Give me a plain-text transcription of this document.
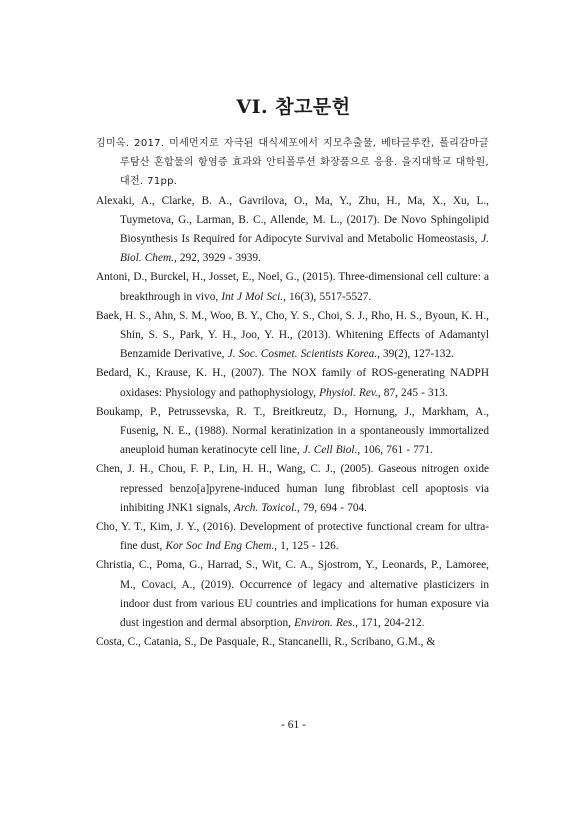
VI. 참고문헌

김미옥. 2017. 미세먼지로 자극된 대식세포에서 지모추출물, 베타글루칸, 폴리감마글루탐산 혼합물의 항염증 효과와 안티폴루션 화장품으로 응용. 을지대학교 대학원, 대전. 71pp.

Alexaki, A., Clarke, B. A., Gavrilova, O., Ma, Y., Zhu, H., Ma, X., Xu, L., Tuymetova, G., Larman, B. C., Allende, M. L., (2017). De Novo Sphingolipid Biosynthesis Is Required for Adipocyte Survival and Metabolic Homeostasis, J. Biol. Chem., 292, 3929 - 3939.

Antoni, D., Burckel, H., Josset, E., Noel, G., (2015). Three-dimensional cell culture: a breakthrough in vivo, Int J Mol Sci., 16(3), 5517-5527.

Baek, H. S., Ahn, S. M., Woo, B. Y., Cho, Y. S., Choi, S. J., Rho, H. S., Byoun, K. H., Shin, S. S., Park, Y. H., Joo, Y. H., (2013). Whitening Effects of Adamantyl Benzamide Derivative, J. Soc. Cosmet. Scientists Korea., 39(2), 127-132.

Bedard, K., Krause, K. H., (2007). The NOX family of ROS-generating NADPH oxidases: Physiology and pathophysiology, Physiol. Rev., 87, 245 - 313.

Boukamp, P., Petrussevska, R. T., Breitkreutz, D., Hornung, J., Markham, A., Fusenig, N. E., (1988). Normal keratinization in a spontaneously immortalized aneuploid human keratinocyte cell line, J. Cell Biol., 106, 761 - 771.

Chen, J. H., Chou, F. P., Lin, H. H., Wang, C. J., (2005). Gaseous nitrogen oxide repressed benzo[a]pyrene-induced human lung fibroblast cell apoptosis via inhibiting JNK1 signals, Arch. Toxicol., 79, 694 - 704.

Cho, Y. T., Kim, J. Y., (2016). Development of protective functional cream for ultra-fine dust, Kor Soc Ind Eng Chem., 1, 125 - 126.

Christia, C., Poma, G., Harrad, S., Wit, C. A., Sjostrom, Y., Leonards, P., Lamoree, M., Covaci, A., (2019). Occurrence of legacy and alternative plasticizers in indoor dust from various EU countries and implications for human exposure via dust ingestion and dermal absorption, Environ. Res., 171, 204-212.

Costa, C., Catania, S., De Pasquale, R., Stancanelli, R., Scribano, G.M., &

- 61 -
